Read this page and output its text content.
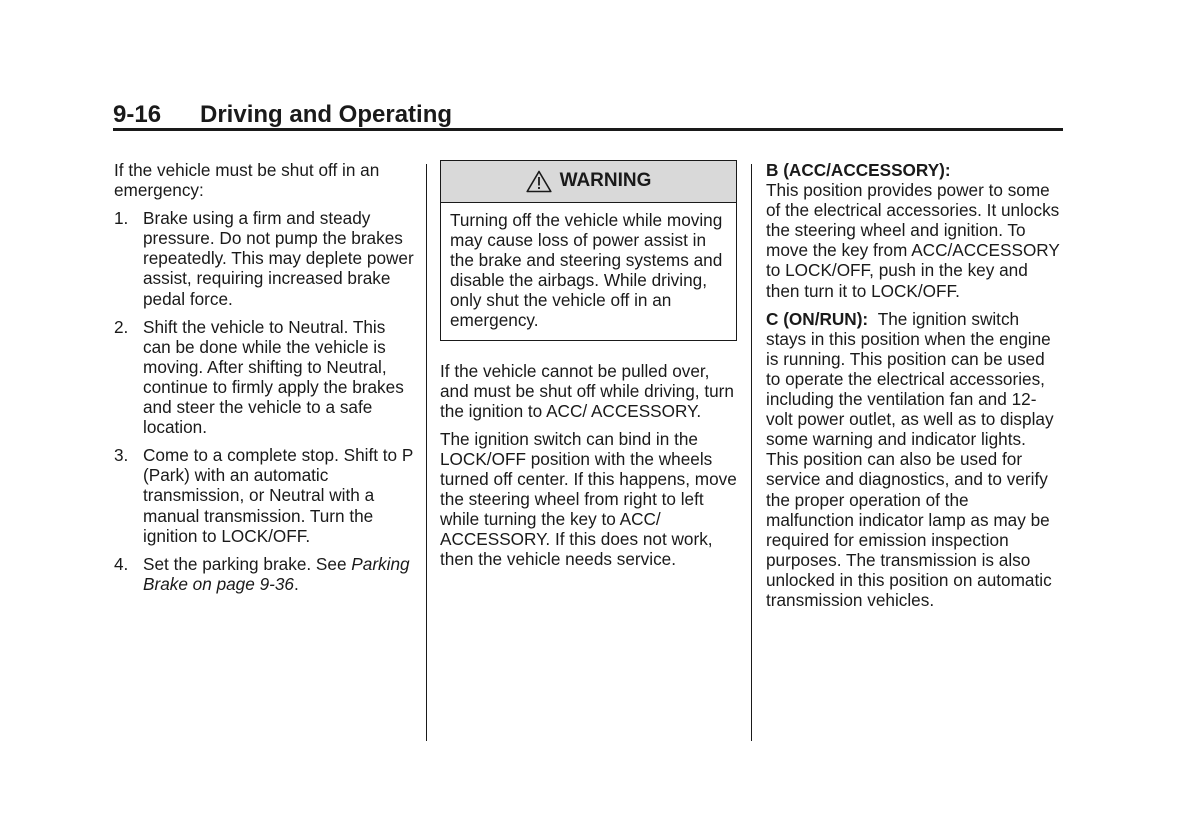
9-16 Driving and Operating

If the vehicle must be shut off in an emergency:

1. Brake using a firm and steady pressure. Do not pump the brakes repeatedly. This may deplete power assist, requiring increased brake pedal force.
2. Shift the vehicle to Neutral. This can be done while the vehicle is moving. After shifting to Neutral, continue to firmly apply the brakes and steer the vehicle to a safe location.
3. Come to a complete stop. Shift to P (Park) with an automatic transmission, or Neutral with a manual transmission. Turn the ignition to LOCK/OFF.
4. Set the parking brake. See Parking Brake on page 9-36.
WARNING
Turning off the vehicle while moving may cause loss of power assist in the brake and steering systems and disable the airbags. While driving, only shut the vehicle off in an emergency.

If the vehicle cannot be pulled over, and must be shut off while driving, turn the ignition to ACC/ ACCESSORY.

The ignition switch can bind in the LOCK/OFF position with the wheels turned off center. If this happens, move the steering wheel from right to left while turning the key to ACC/ ACCESSORY. If this does not work, then the vehicle needs service.

B (ACC/ACCESSORY):
This position provides power to some of the electrical accessories. It unlocks the steering wheel and ignition. To move the key from ACC/ACCESSORY to LOCK/OFF, push in the key and then turn it to LOCK/OFF.

C (ON/RUN): The ignition switch stays in this position when the engine is running. This position can be used to operate the electrical accessories, including the ventilation fan and 12-volt power outlet, as well as to display some warning and indicator lights. This position can also be used for service and diagnostics, and to verify the proper operation of the malfunction indicator lamp as may be required for emission inspection purposes. The transmission is also unlocked in this position on automatic transmission vehicles.
